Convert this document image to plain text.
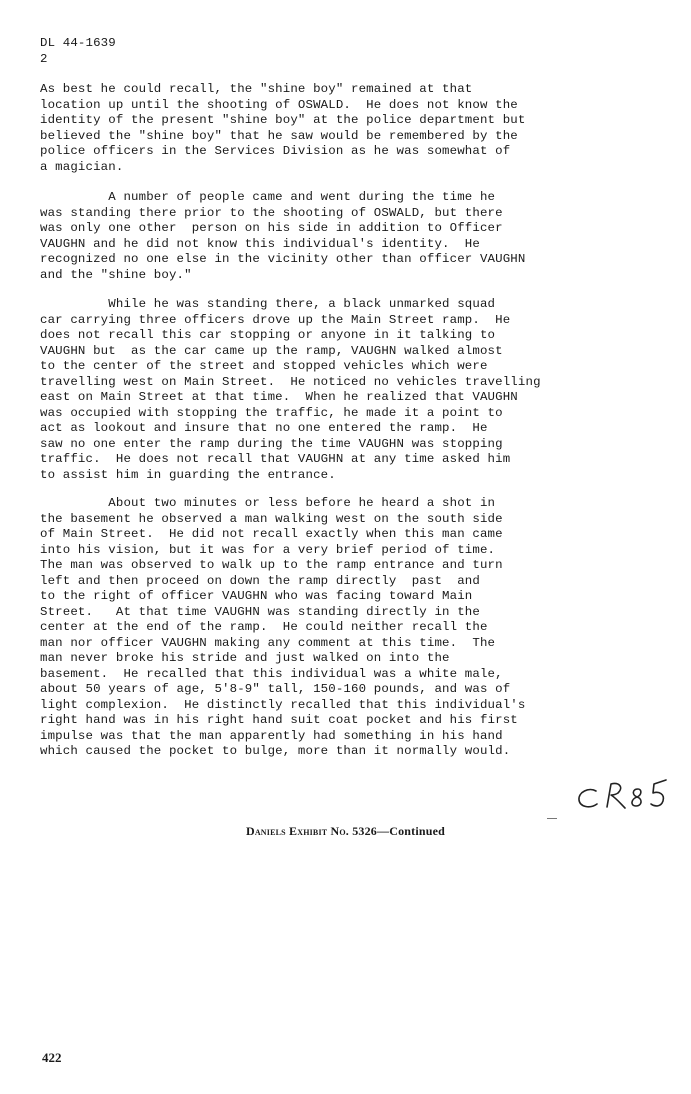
DL 44-1639
2
As best he could recall, the "shine boy" remained at that
location up until the shooting of OSWALD.  He does not know the
identity of the present "shine boy" at the police department but
believed the "shine boy" that he saw would be remembered by the
police officers in the Services Division as he was somewhat of
a magician.
A number of people came and went during the time he
was standing there prior to the shooting of OSWALD, but there
was only one other  person on his side in addition to Officer
VAUGHN and he did not know this individual's identity.  He
recognized no one else in the vicinity other than officer VAUGHN
and the "shine boy."
While he was standing there, a black unmarked squad
car carrying three officers drove up the Main Street ramp.  He
does not recall this car stopping or anyone in it talking to
VAUGHN but  as the car came up the ramp, VAUGHN walked almost
to the center of the street and stopped vehicles which were
travelling west on Main Street.  He noticed no vehicles travelling
east on Main Street at that time.  When he realized that VAUGHN
was occupied with stopping the traffic, he made it a point to
act as lookout and insure that no one entered the ramp.  He
saw no one enter the ramp during the time VAUGHN was stopping
traffic.  He does not recall that VAUGHN at any time asked him
to assist him in guarding the entrance.
About two minutes or less before he heard a shot in
the basement he observed a man walking west on the south side
of Main Street.  He did not recall exactly when this man came
into his vision, but it was for a very brief period of time.
The man was observed to walk up to the ramp entrance and turn
left and then proceed on down the ramp directly  past  and
to the right of officer VAUGHN who was facing toward Main
Street.   At that time VAUGHN was standing directly in the
center at the end of the ramp.  He could neither recall the
man nor officer VAUGHN making any comment at this time.  The
man never broke his stride and just walked on into the
basement.  He recalled that this individual was a white male,
about 50 years of age, 5'8-9" tall, 150-160 pounds, and was of
light complexion.  He distinctly recalled that this individual's
right hand was in his right hand suit coat pocket and his first
impulse was that the man apparently had something in his hand
which caused the pocket to bulge, more than it normally would.
Daniels Exhibit No. 5326—Continued
422
